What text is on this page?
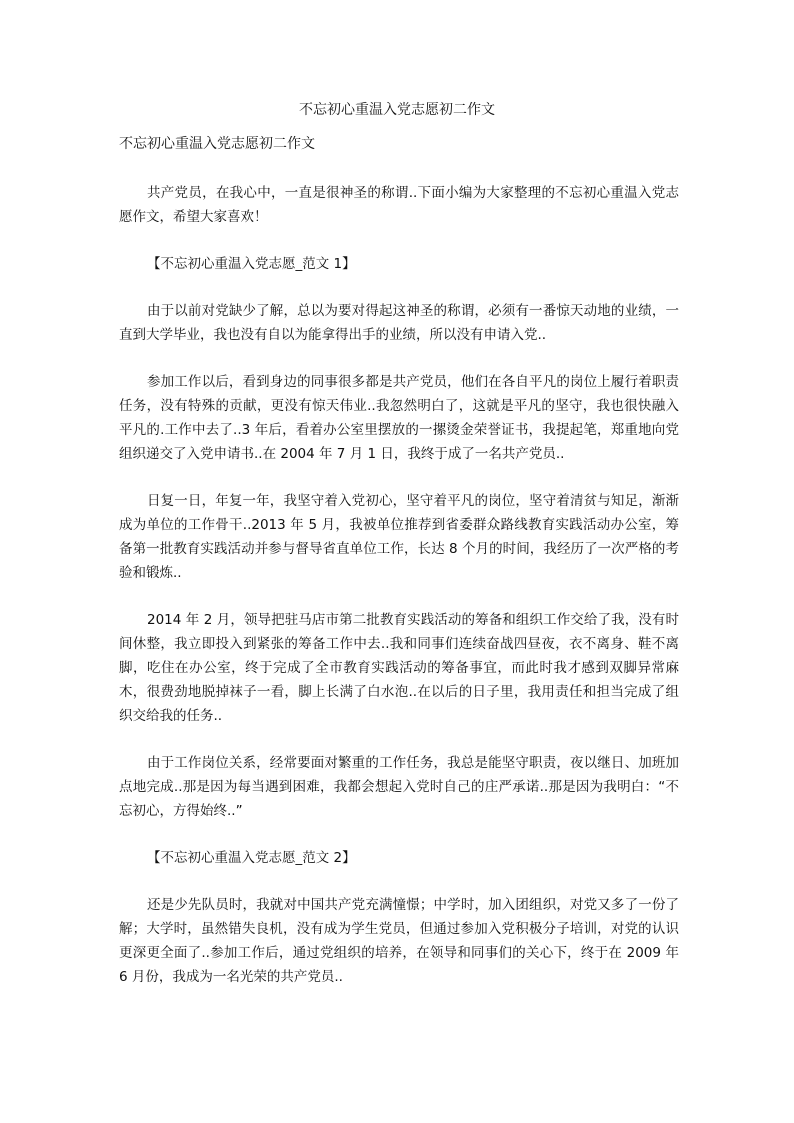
不忘初心重温入党志愿初二作文

不忘初心重温入党志愿初二作文

共产党员，在我心中，一直是很神圣的称谓..下面小编为大家整理的不忘初心重温入党志愿作文，希望大家喜欢！

【不忘初心重温入党志愿_范文 1】

由于以前对党缺少了解，总以为要对得起这神圣的称谓，必须有一番惊天动地的业绩，一直到大学毕业，我也没有自以为能拿得出手的业绩，所以没有申请入党..

参加工作以后，看到身边的同事很多都是共产党员，他们在各自平凡的岗位上履行着职责任务，没有特殊的贡献，更没有惊天伟业..我忽然明白了，这就是平凡的坚守，我也很快融入平凡的.工作中去了..3 年后，看着办公室里摆放的一摞烫金荣誉证书，我提起笔，郑重地向党组织递交了入党申请书..在 2004 年 7 月 1 日，我终于成了一名共产党员..

日复一日，年复一年，我坚守着入党初心，坚守着平凡的岗位，坚守着清贫与知足，渐渐成为单位的工作骨干..2013 年 5 月，我被单位推荐到省委群众路线教育实践活动办公室，筹备第一批教育实践活动并参与督导省直单位工作，长达 8 个月的时间，我经历了一次严格的考验和锻炼..

2014 年 2 月，领导把驻马店市第二批教育实践活动的筹备和组织工作交给了我，没有时间休整，我立即投入到紧张的筹备工作中去..我和同事们连续奋战四昼夜，衣不离身、鞋不离脚，吃住在办公室，终于完成了全市教育实践活动的筹备事宜，而此时我才感到双脚异常麻木，很费劲地脱掉袜子一看，脚上长满了白水泡..在以后的日子里，我用责任和担当完成了组织交给我的任务..

由于工作岗位关系，经常要面对繁重的工作任务，我总是能坚守职责，夜以继日、加班加点地完成..那是因为每当遇到困难，我都会想起入党时自己的庄严承诺..那是因为我明白：“不忘初心，方得始终..”

【不忘初心重温入党志愿_范文 2】

还是少先队员时，我就对中国共产党充满憧憬；中学时，加入团组织，对党又多了一份了解；大学时，虽然错失良机，没有成为学生党员，但通过参加入党积极分子培训，对党的认识更深更全面了..参加工作后，通过党组织的培养，在领导和同事们的关心下，终于在 2009 年 6 月份，我成为一名光荣的共产党员..
